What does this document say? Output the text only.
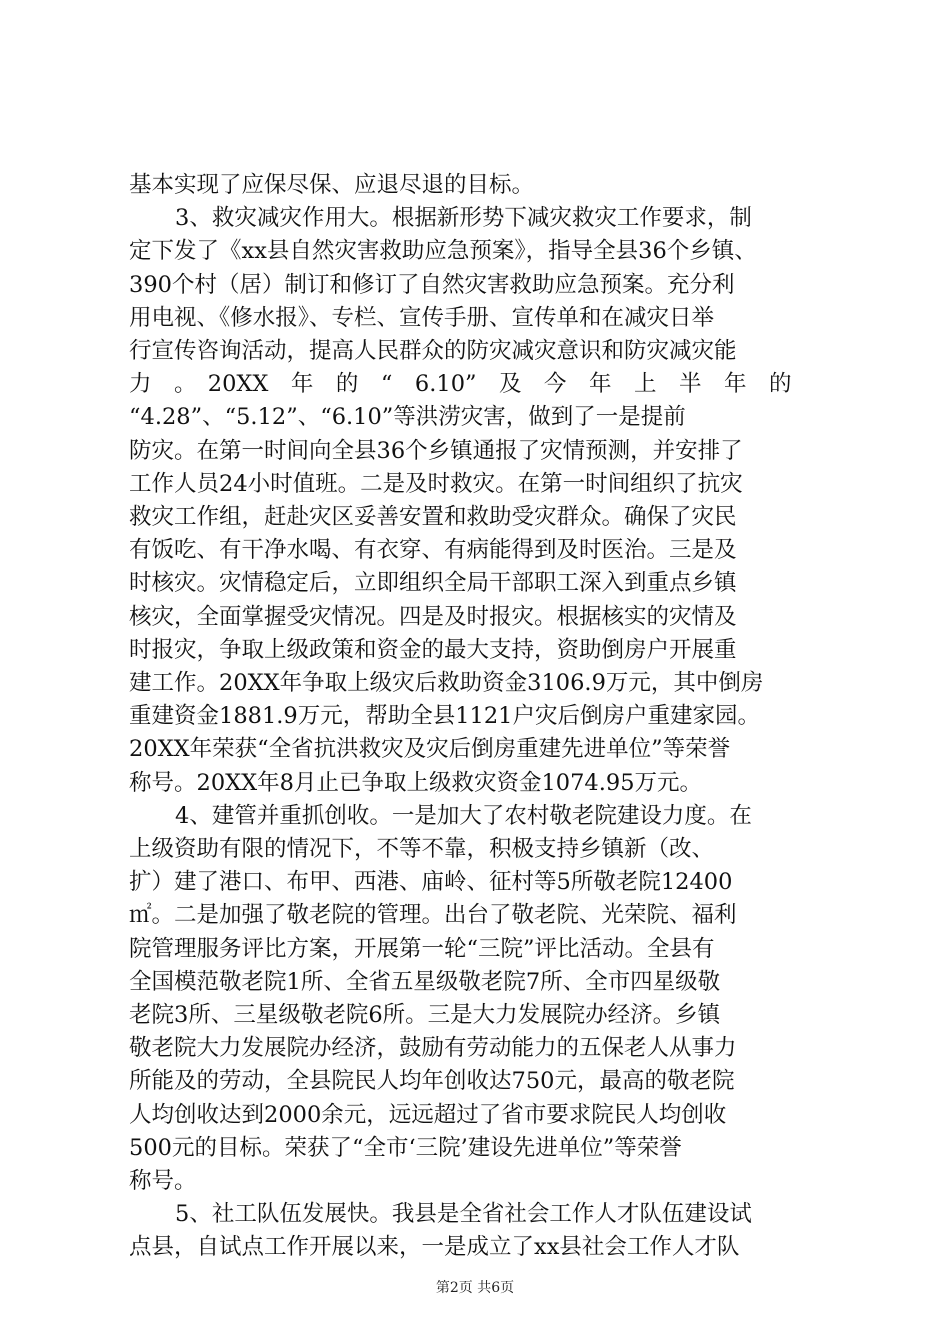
基本实现了应保尽保、应退尽退的目标。
3、救灾减灾作用大。根据新形势下减灾救灾工作要求，制
定下发了《xx县自然灾害救助应急预案》，指导全县36个乡镇、
390个村（居）制订和修订了自然灾害救助应急预案。充分利
用电视、《修水报》、专栏、宣传手册、宣传单和在减灾日举
行宣传咨询活动，提高人民群众的防灾减灾意识和防灾减灾能
力　。　20XX　年　的　“　6.10”　及　今　年　上　半　年　的
“4.28”、“5.12”、“6.10”等洪涝灾害，做到了一是提前
防灾。在第一时间向全县36个乡镇通报了灾情预测，并安排了
工作人员24小时值班。二是及时救灾。在第一时间组织了抗灾
救灾工作组，赶赴灾区妥善安置和救助受灾群众。确保了灾民
有饭吃、有干净水喝、有衣穿、有病能得到及时医治。三是及
时核灾。灾情稳定后，立即组织全局干部职工深入到重点乡镇
核灾，全面掌握受灾情况。四是及时报灾。根据核实的灾情及
时报灾，争取上级政策和资金的最大支持，资助倒房户开展重
建工作。20XX年争取上级灾后救助资金3106.9万元，其中倒房
重建资金1881.9万元，帮助全县1121户灾后倒房户重建家园。
20XX年荣获“全省抗洪救灾及灾后倒房重建先进单位”等荣誉
称号。20XX年8月止已争取上级救灾资金1074.95万元。
4、建管并重抓创收。一是加大了农村敬老院建设力度。在
上级资助有限的情况下，不等不靠，积极支持乡镇新（改、
扩）建了港口、布甲、西港、庙岭、征村等5所敬老院12400
㎡。二是加强了敬老院的管理。出台了敬老院、光荣院、福利
院管理服务评比方案，开展第一轮“三院”评比活动。全县有
全国模范敬老院1所、全省五星级敬老院7所、全市四星级敬
老院3所、三星级敬老院6所。三是大力发展院办经济。乡镇
敬老院大力发展院办经济，鼓励有劳动能力的五保老人从事力
所能及的劳动，全县院民人均年创收达750元，最高的敬老院
人均创收达到2000余元，远远超过了省市要求院民人均创收
500元的目标。荣获了“全市‘三院’建设先进单位”等荣誉
称号。
5、社工队伍发展快。我县是全省社会工作人才队伍建设试
点县，自试点工作开展以来，一是成立了xx县社会工作人才队
第2页 共6页
